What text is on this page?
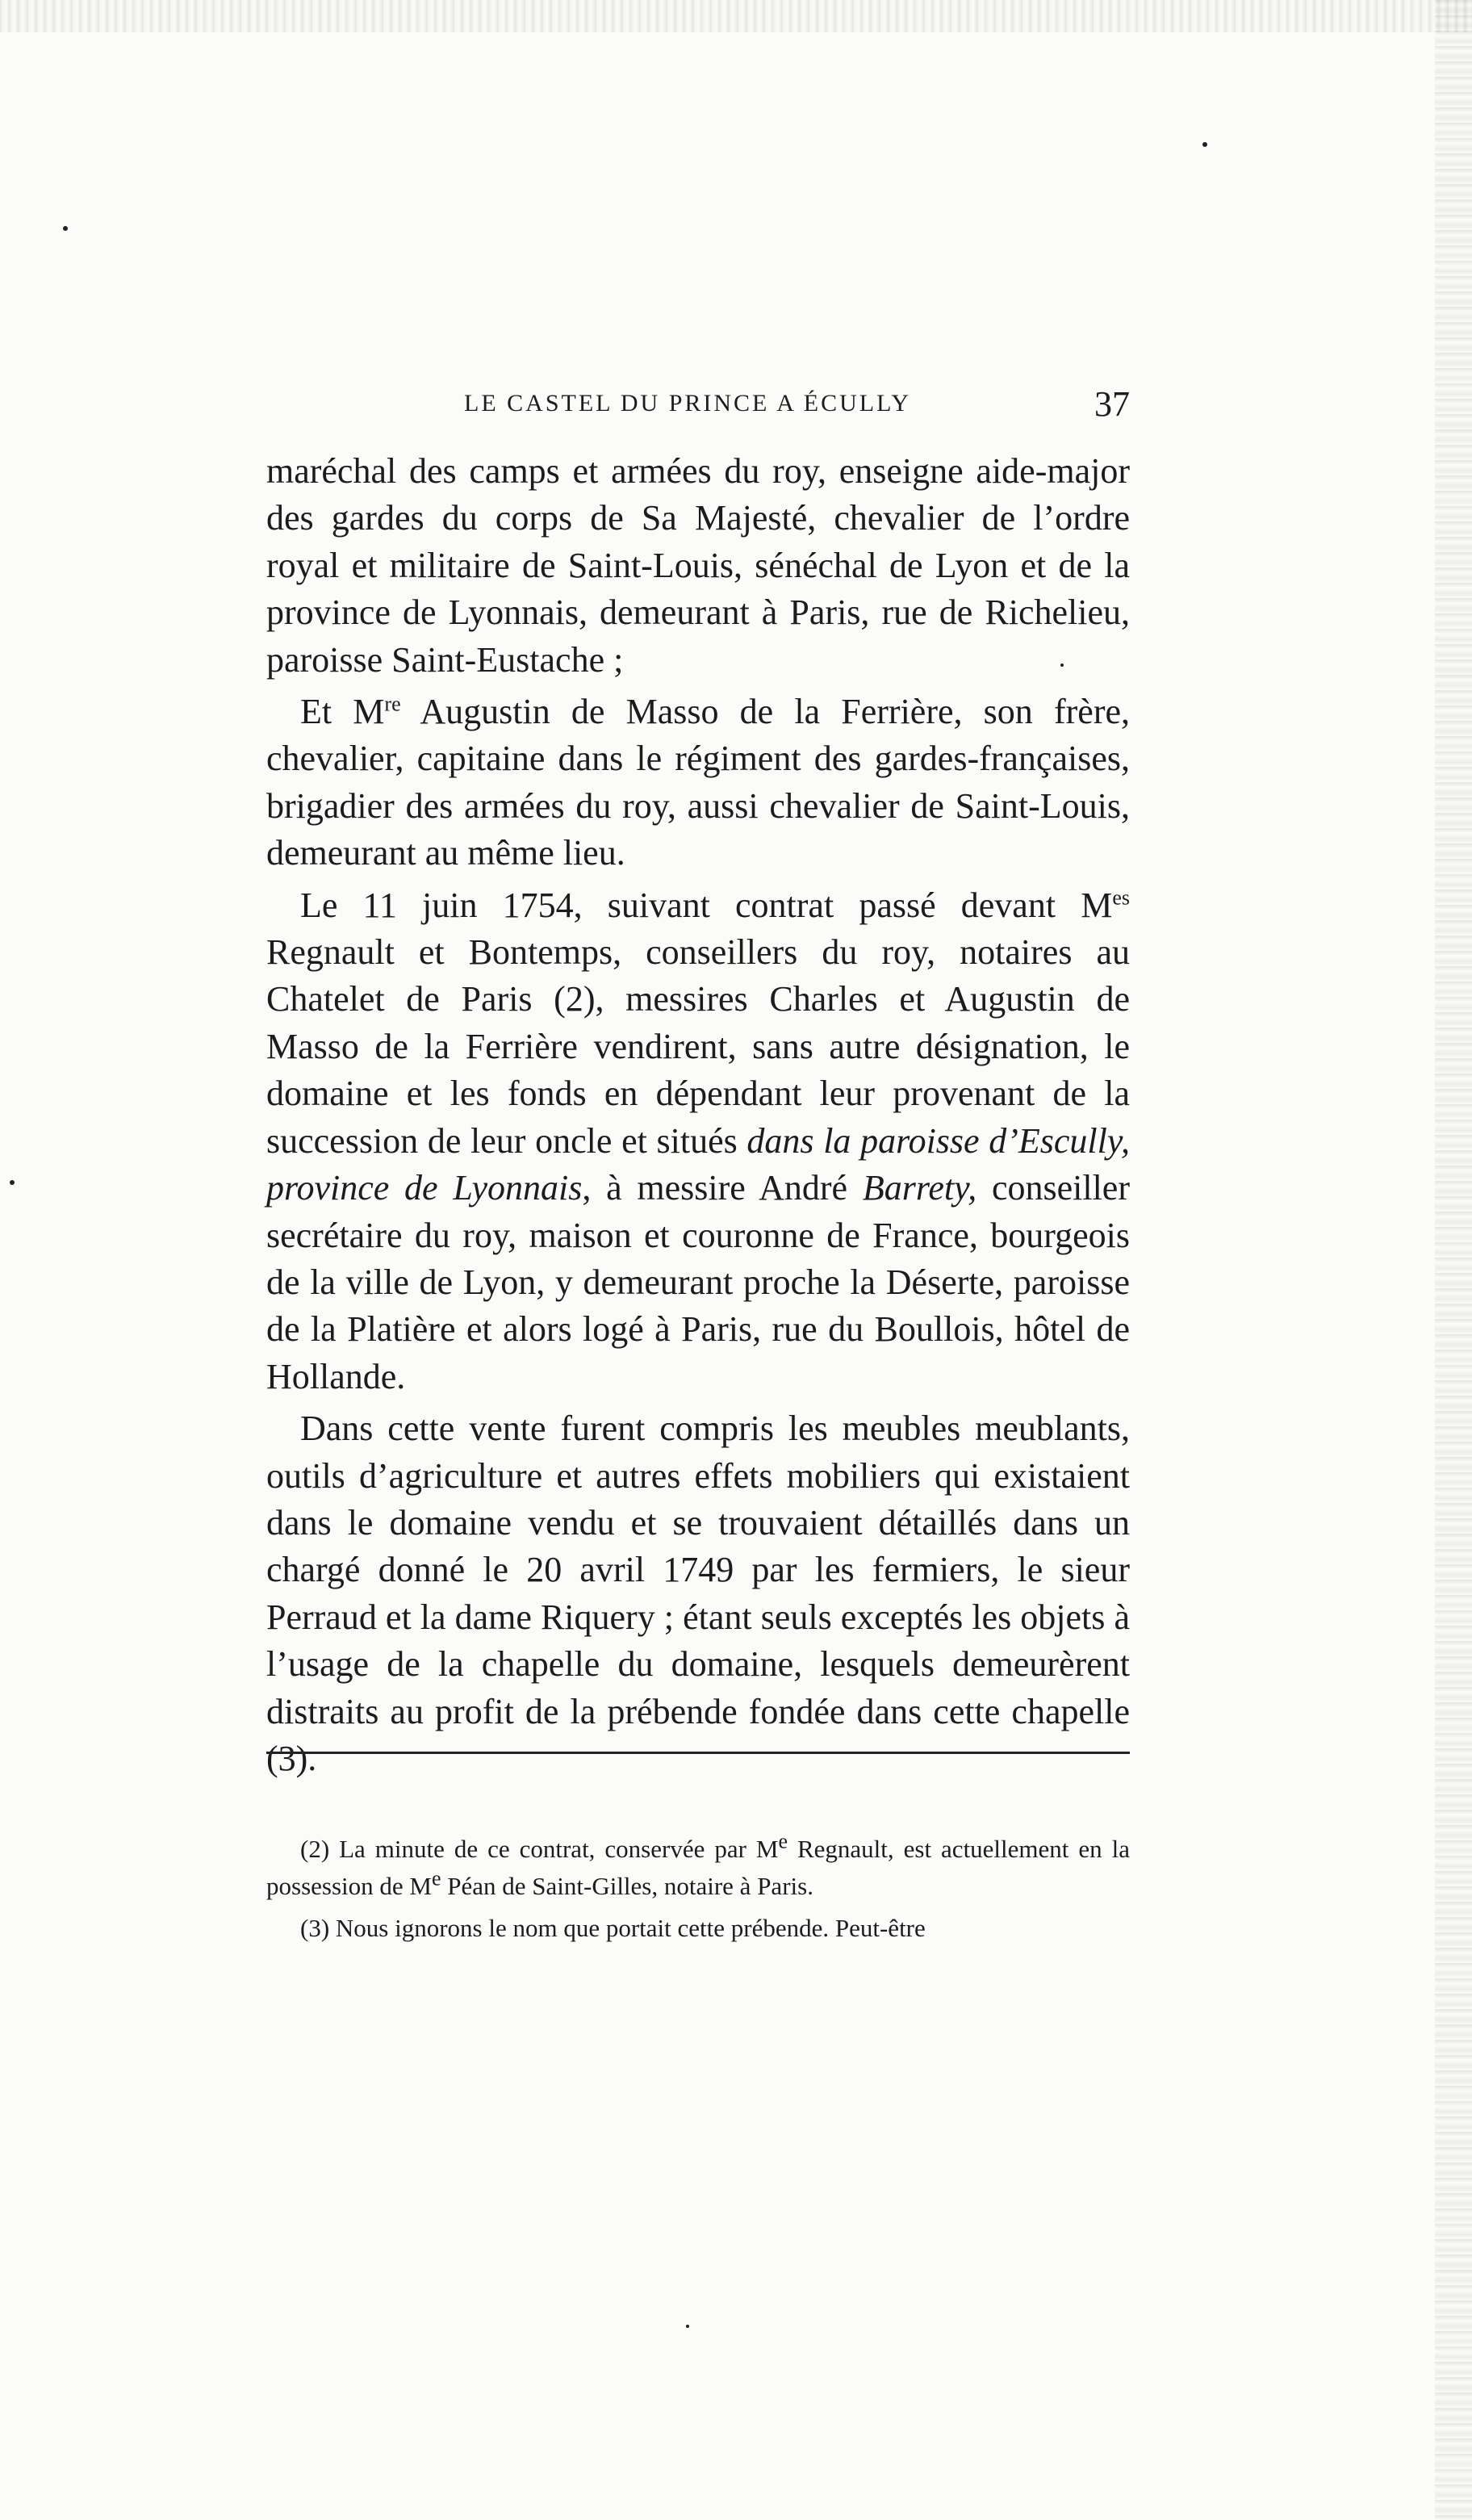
LE CASTEL DU PRINCE A ÉCULLY	37

maréchal des camps et armées du roy, enseigne aide-major des gardes du corps de Sa Majesté, chevalier de l’ordre royal et militaire de Saint-Louis, sénéchal de Lyon et de la province de Lyonnais, demeurant à Paris, rue de Richelieu, paroisse Saint-Eustache ;

Et Mre Augustin de Masso de la Ferrière, son frère, chevalier, capitaine dans le régiment des gardes-françaises, brigadier des armées du roy, aussi chevalier de Saint-Louis, demeurant au même lieu.

Le 11 juin 1754, suivant contrat passé devant $M^{es}$ Regnault et Bontemps, conseillers du roy, notaires au Chatelet de Paris (2), messires Charles et Augustin de Masso de la Ferrière vendirent, sans autre désignation, le domaine et les fonds en dépendant leur provenant de la succession de leur oncle et situés dans la paroisse d’Escully, province de Lyonnais, à messire André Barrety, conseiller secrétaire du roy, maison et couronne de France, bourgeois de la ville de Lyon, y demeurant proche la Déserte, paroisse de la Platière et alors logé à Paris, rue du Boullois, hôtel de Hollande.

Dans cette vente furent compris les meubles meublants, outils d’agriculture et autres effets mobiliers qui existaient dans le domaine vendu et se trouvaient détaillés dans un chargé donné le 20 avril 1749 par les fermiers, le sieur Perraud et la dame Riquery ; étant seuls exceptés les objets à l’usage de la chapelle du domaine, lesquels demeurèrent distraits au profit de la prébende fondée dans cette chapelle (3).

(2) La minute de ce contrat, conservée par Me Regnault, est actuellement en la possession de Me Péan de Saint-Gilles, notaire à Paris.

(3) Nous ignorons le nom que portait cette prébende. Peut-être
